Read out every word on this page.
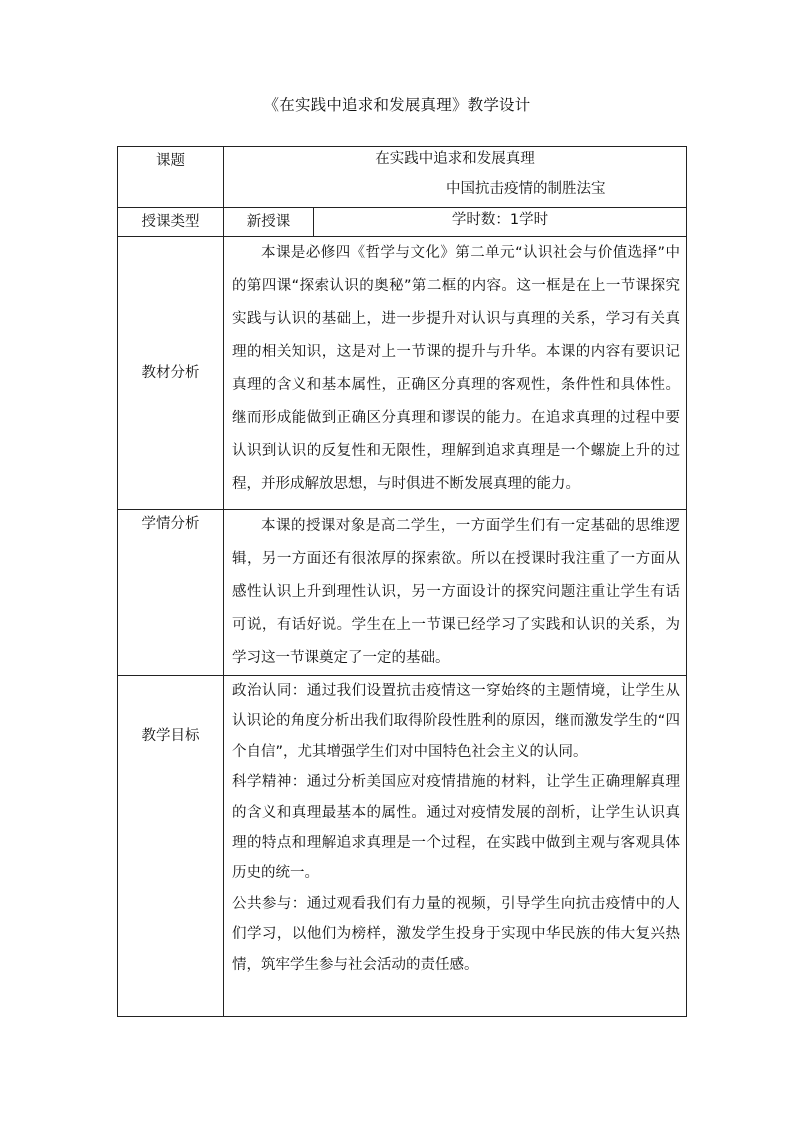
《在实践中追求和发展真理》教学设计
课题	在实践中追求和发展真理
中国抗击疫情的制胜法宝	

授课类型	新授课	学时数：1学时
教材分析	本课是必修四《哲学与文化》第二单元“认识社会与价值选择”中的第四课“探索认识的奥秘”第二框的内容。这一框是在上一节课探究实践与认识的基础上，进一步提升对认识与真理的关系，学习有关真理的相关知识，这是对上一节课的提升与升华。本课的内容有要识记真理的含义和基本属性，正确区分真理的客观性，条件性和具体性。继而形成能做到正确区分真理和谬误的能力。在追求真理的过程中要认识到认识的反复性和无限性，理解到追求真理是一个螺旋上升的过程，并形成解放思想，与时俱进不断发展真理的能力。	

学情分析	本课的授课对象是高二学生，一方面学生们有一定基础的思维逻辑，另一方面还有很浓厚的探索欲。所以在授课时我注重了一方面从感性认识上升到理性认识，另一方面设计的探究问题注重让学生有话可说，有话好说。学生在上一节课已经学习了实践和认识的关系，为学习这一节课奠定了一定的基础。	

教学目标	政治认同：通过我们设置抗击疫情这一穿始终的主题情境，让学生从认识论的角度分析出我们取得阶段性胜利的原因，继而激发学生的“四个自信”，尤其增强学生们对中国特色社会主义的认同。

科学精神：通过分析美国应对疫情措施的材料，让学生正确理解真理的含义和真理最基本的属性。通过对疫情发展的剖析，让学生认识真理的特点和理解追求真理是一个过程，在实践中做到主观与客观具体历史的统一。

公共参与：通过观看我们有力量的视频，引导学生向抗击疫情中的人们学习，以他们为榜样，激发学生投身于实现中华民族的伟大复兴热情，筑牢学生参与社会活动的责任感。	
